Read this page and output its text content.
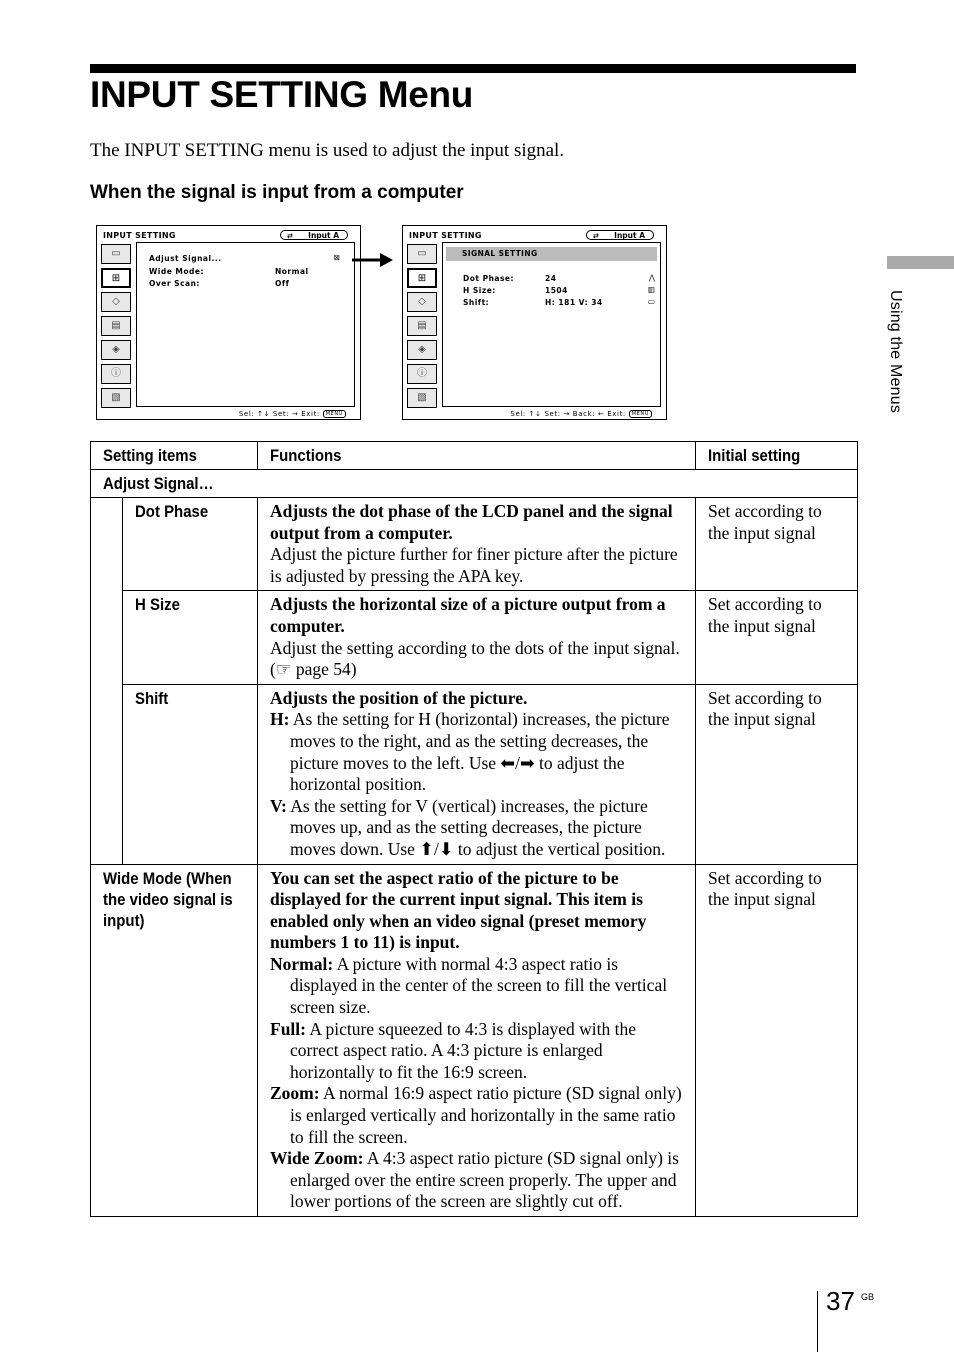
INPUT SETTING Menu
The INPUT SETTING menu is used to adjust the input signal.
When the signal is input from a computer
INPUT SETTING	⇄ Input A
▭
⊞
◇
▤
◈
ⓘ
▧
Adjust Signal...	⊠
Wide Mode:	Normal
Over Scan:	Off
Sel: ↑↓ Set: → Exit: MENU
INPUT SETTING	⇄ Input A
▭
⊞
◇
▤
◈
ⓘ
▧
SIGNAL SETTING
Dot Phase:	24	⋀
H Size:	1504	▥
Shift:	H: 181 V: 34	▭
Sel: ↑↓ Set: → Back: ← Exit: MENU
Setting items		Functions	Initial setting
Adjust Signal…			
	Dot Phase	Adjusts the dot phase of the LCD panel and the signal output from a computer.
Adjust the picture further for finer picture after the picture is adjusted by pressing the APA key.	Set according to the input signal
	H Size	Adjusts the horizontal size of a picture output from a computer.
Adjust the setting according to the dots of the input signal. (☞ page 54)	Set according to the input signal
	Shift	Adjusts the position of the picture.
H: As the setting for H (horizontal) increases, the picture moves to the right, and as the setting decreases, the picture moves to the left. Use ⬅/➡ to adjust the horizontal position.
V: As the setting for V (vertical) increases, the picture moves up, and as the setting decreases, the picture moves down. Use ⬆/⬇ to adjust the vertical position.	Set according to the input signal
Wide Mode (When the video signal is input)		You can set the aspect ratio of the picture to be displayed for the current input signal. This item is enabled only when an video signal (preset memory numbers 1 to 11) is input.
Normal: A picture with normal 4:3 aspect ratio is displayed in the center of the screen to fill the vertical screen size.
Full: A picture squeezed to 4:3 is displayed with the correct aspect ratio. A 4:3 picture is enlarged horizontally to fit the 16:9 screen.
Zoom: A normal 16:9 aspect ratio picture (SD signal only) is enlarged vertically and horizontally in the same ratio to fill the screen.
Wide Zoom: A 4:3 aspect ratio picture (SD signal only) is enlarged over the entire screen properly. The upper and lower portions of the screen are slightly cut off.	Set according to the input signal
Using the Menus
37 GB
